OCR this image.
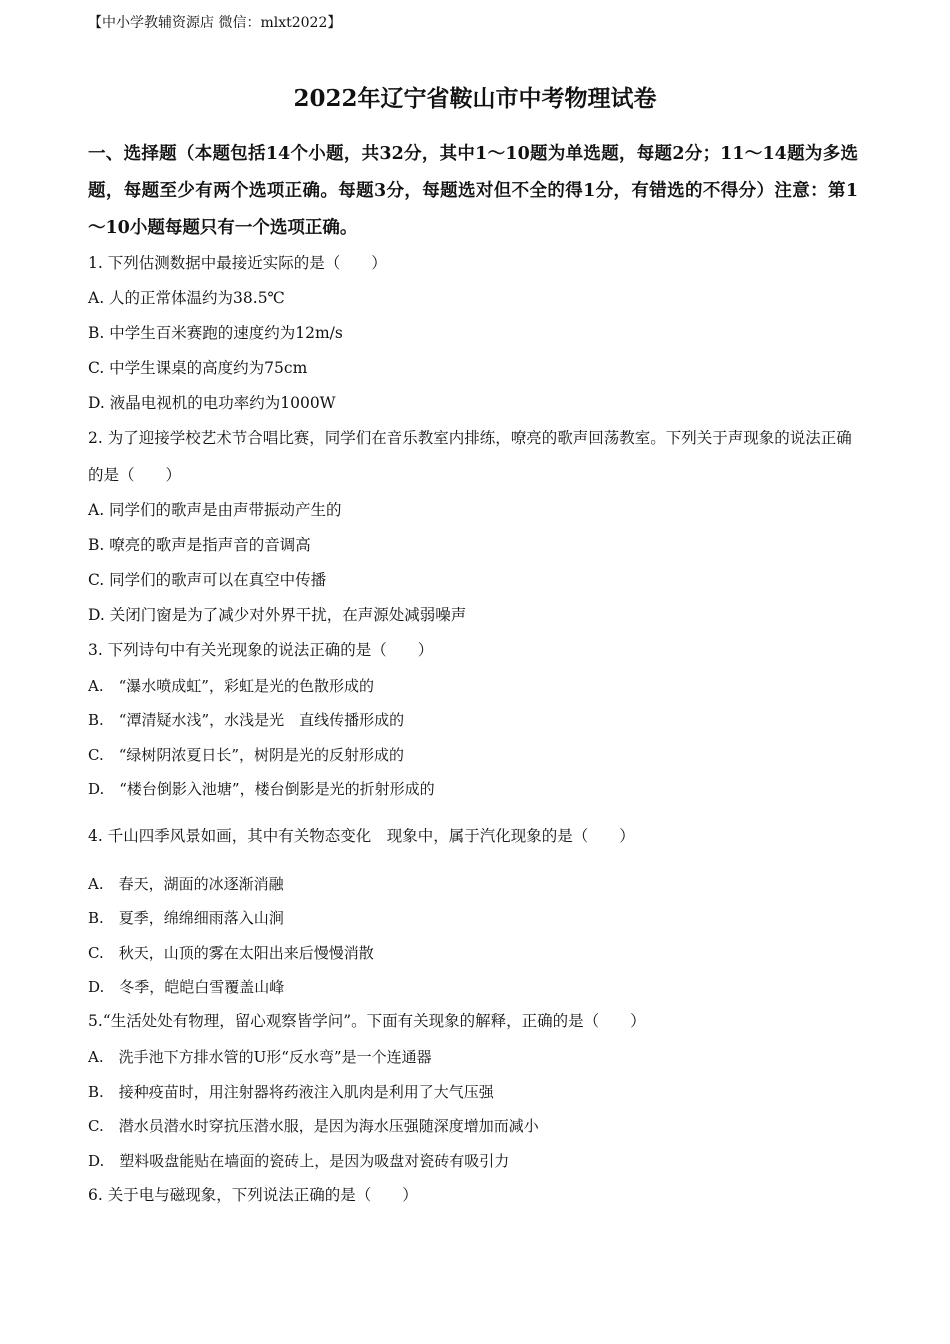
【中小学教辅资源店 微信：mlxt2022】
2022年辽宁省鞍山市中考物理试卷
一、选择题（本题包括14个小题，共32分，其中1～10题为单选题，每题2分；11～14题为多选题，每题至少有两个选项正确。每题3分，每题选对但不全的得1分，有错选的不得分）注意：第1～10小题每题只有一个选项正确。
1. 下列估测数据中最接近实际的是（　　）
A. 人的正常体温约为38.5℃
B. 中学生百米赛跑的速度约为12m/s
C. 中学生课桌的高度约为75cm
D. 液晶电视机的电功率约为1000W
2. 为了迎接学校艺术节合唱比赛，同学们在音乐教室内排练，嘹亮的歌声回荡教室。下列关于声现象的说法正确的是（　　）
A. 同学们的歌声是由声带振动产生的
B. 嘹亮的歌声是指声音的音调高
C. 同学们的歌声可以在真空中传播
D. 关闭门窗是为了减少对外界干扰，在声源处减弱噪声
3. 下列诗句中有关光现象的说法正确的是（　　）
A.　“瀑水喷成虹”，彩虹是光的色散形成的
B.　“潭清疑水浅”，水浅是光　直线传播形成的
C.　“绿树阴浓夏日长”，树阴是光的反射形成的
D.　“楼台倒影入池塘”，楼台倒影是光的折射形成的
4. 千山四季风景如画，其中有关物态变化　现象中，属于汽化现象的是（　　）
A.　春天，湖面的冰逐渐消融
B.　夏季，绵绵细雨落入山涧
C.　秋天，山顶的雾在太阳出来后慢慢消散
D.　冬季，皑皑白雪覆盖山峰
5.“生活处处有物理，留心观察皆学问”。下面有关现象的解释，正确的是（　　）
A.　洗手池下方排水管的U形“反水弯”是一个连通器
B.　接种疫苗时，用注射器将药液注入肌肉是利用了大气压强
C.　潜水员潜水时穿抗压潜水服，是因为海水压强随深度增加而减小
D.　塑料吸盘能贴在墙面的瓷砖上，是因为吸盘对瓷砖有吸引力
6. 关于电与磁现象，下列说法正确的是（　　）
